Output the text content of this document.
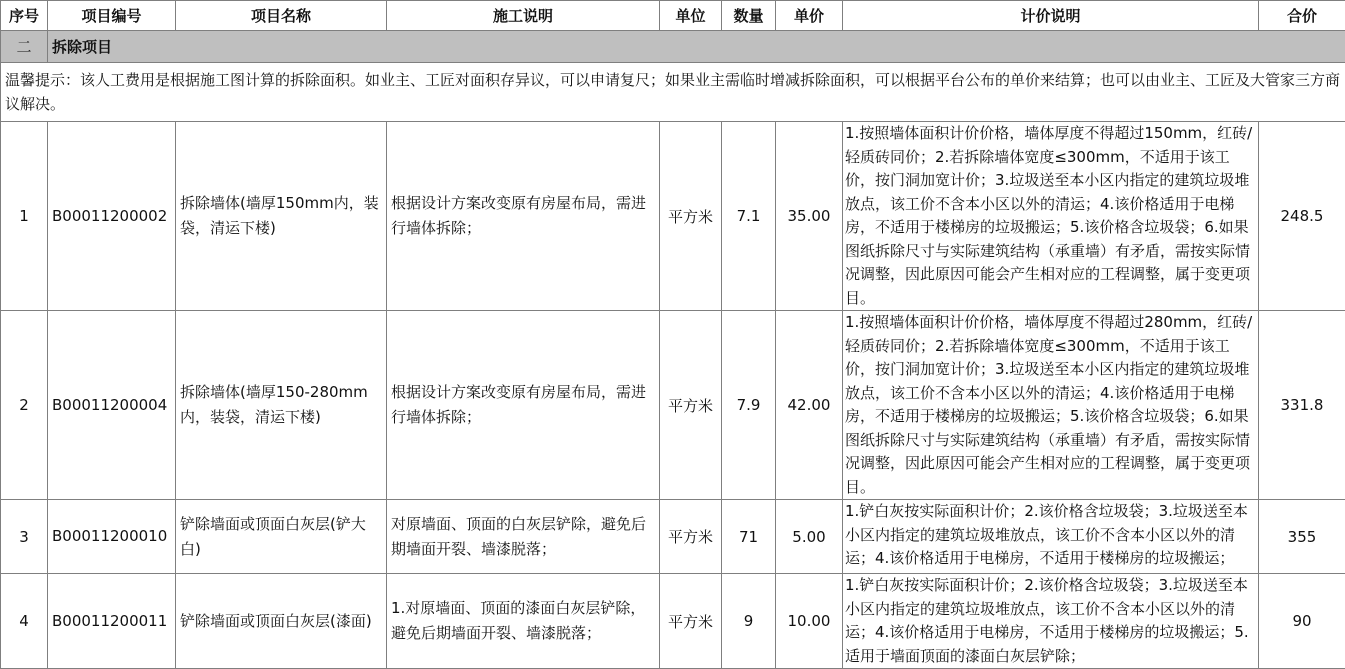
序号	项目编号	项目名称	施工说明	单位	数量	单价	计价说明	合价
二	拆除项目							
温馨提示：该人工费用是根据施工图计算的拆除面积。如业主、工匠对面积存异议，可以申请复尺；如果业主需临时增减拆除面积，可以根据平台公布的单价来结算；也可以由业主、工匠及大管家三方商议解决。								
1	B00011200002	拆除墙体(墙厚150mm内，装袋，清运下楼)	根据设计方案改变原有房屋布局，需进行墙体拆除；	平方米	7.1	35.00	1.按照墙体面积计价价格，墙体厚度不得超过150mm，红砖/轻质砖同价；2.若拆除墙体宽度≤300mm，不适用于该工价，按门洞加宽计价；3.垃圾送至本小区内指定的建筑垃圾堆放点，该工价不含本小区以外的清运；4.该价格适用于电梯房，不适用于楼梯房的垃圾搬运；5.该价格含垃圾袋；6.如果图纸拆除尺寸与实际建筑结构（承重墙）有矛盾，需按实际情况调整，因此原因可能会产生相对应的工程调整，属于变更项目。	248.5
2	B00011200004	拆除墙体(墙厚150-280mm内，装袋，清运下楼)	根据设计方案改变原有房屋布局，需进行墙体拆除；	平方米	7.9	42.00	1.按照墙体面积计价价格，墙体厚度不得超过280mm，红砖/轻质砖同价；2.若拆除墙体宽度≤300mm，不适用于该工价，按门洞加宽计价；3.垃圾送至本小区内指定的建筑垃圾堆放点，该工价不含本小区以外的清运；4.该价格适用于电梯房，不适用于楼梯房的垃圾搬运；5.该价格含垃圾袋；6.如果图纸拆除尺寸与实际建筑结构（承重墙）有矛盾，需按实际情况调整，因此原因可能会产生相对应的工程调整，属于变更项目。	331.8
3	B00011200010	铲除墙面或顶面白灰层(铲大白)	对原墙面、顶面的白灰层铲除，避免后期墙面开裂、墙漆脱落；	平方米	71	5.00	1.铲白灰按实际面积计价；2.该价格含垃圾袋；3.垃圾送至本小区内指定的建筑垃圾堆放点，该工价不含本小区以外的清运；4.该价格适用于电梯房，不适用于楼梯房的垃圾搬运；	355
4	B00011200011	铲除墙面或顶面白灰层(漆面)	1.对原墙面、顶面的漆面白灰层铲除，避免后期墙面开裂、墙漆脱落；	平方米	9	10.00	1.铲白灰按实际面积计价；2.该价格含垃圾袋；3.垃圾送至本小区内指定的建筑垃圾堆放点，该工价不含本小区以外的清运；4.该价格适用于电梯房，不适用于楼梯房的垃圾搬运；5.适用于墙面顶面的漆面白灰层铲除；	90
